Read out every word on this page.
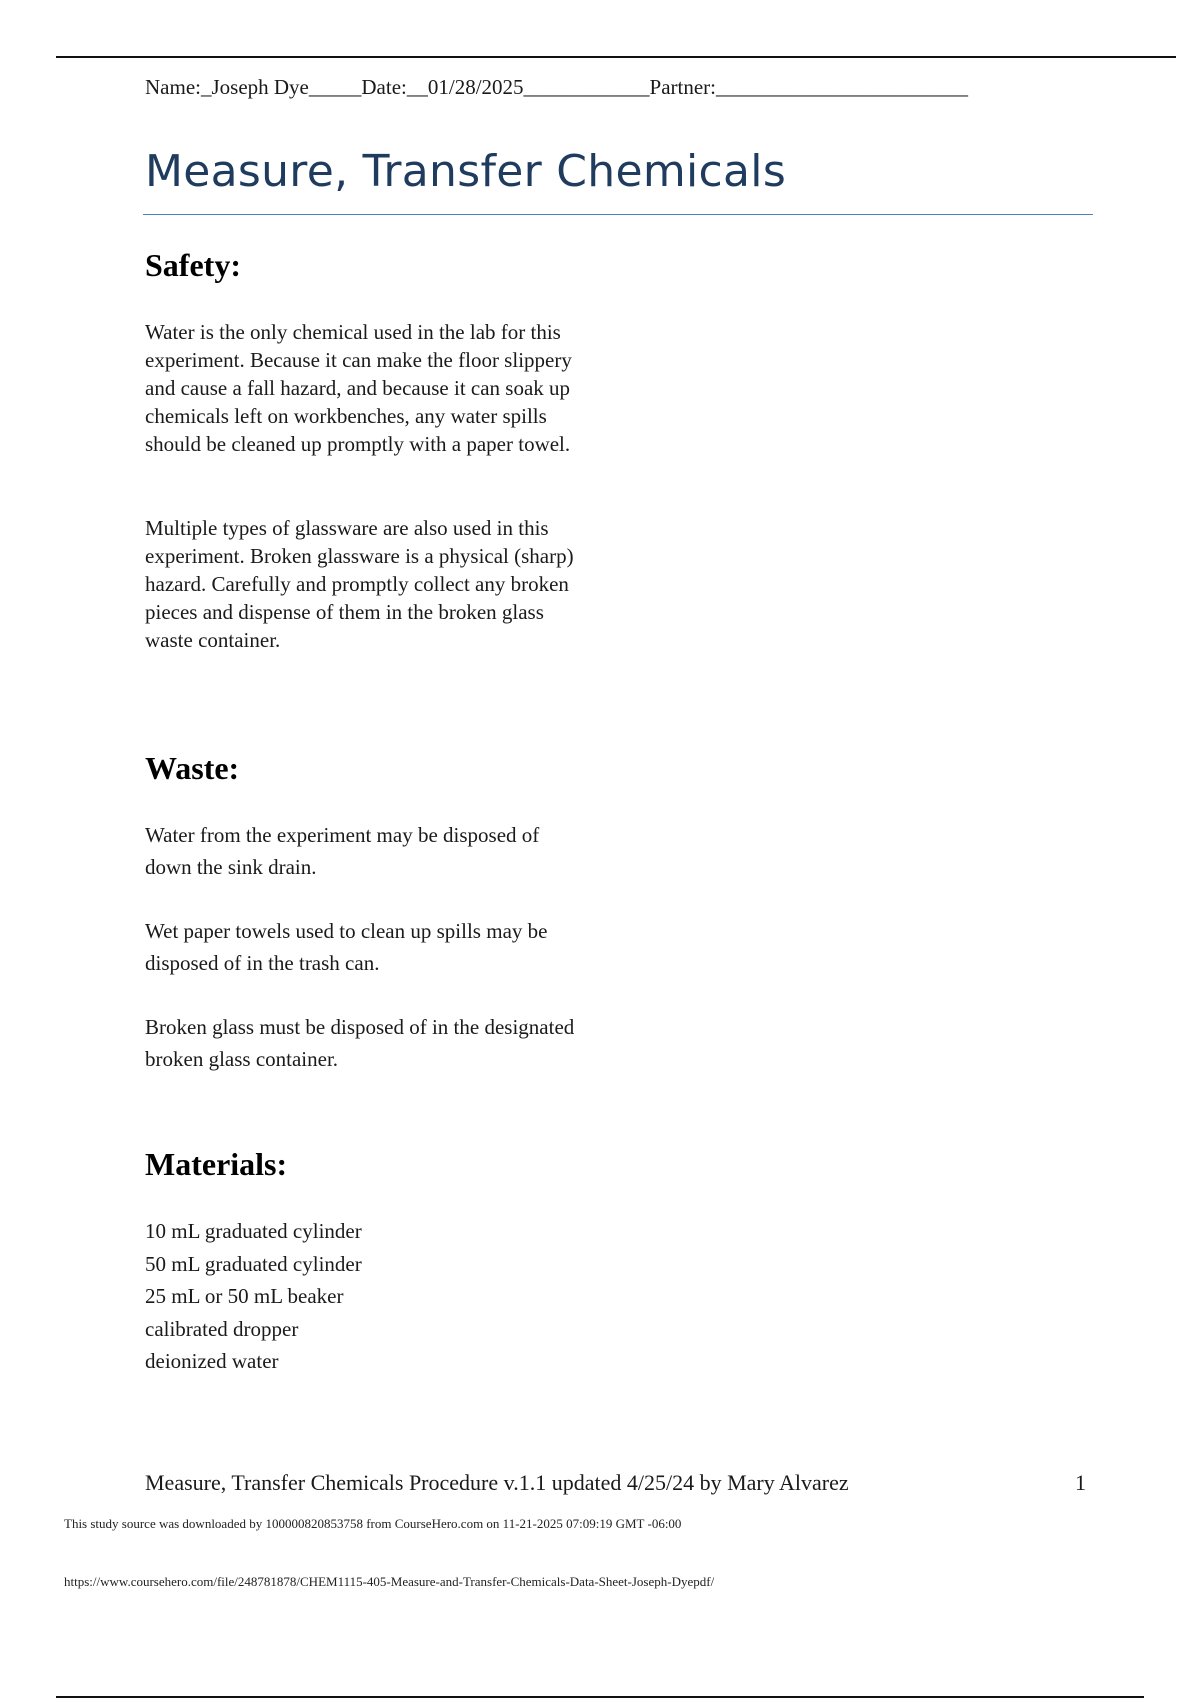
Name:_Joseph Dye_____Date:__01/28/2025____________Partner:________________________
Measure, Transfer Chemicals
Safety:

Water is the only chemical used in the lab for this experiment. Because it can make the floor slippery and cause a fall hazard, and because it can soak up chemicals left on workbenches, any water spills should be cleaned up promptly with a paper towel.

Multiple types of glassware are also used in this experiment. Broken glassware is a physical (sharp) hazard. Carefully and promptly collect any broken pieces and dispense of them in the broken glass waste container.

Waste:

Water from the experiment may be disposed of down the sink drain.

Wet paper towels used to clean up spills may be disposed of in the trash can.

Broken glass must be disposed of in the designated broken glass container.

Materials:
10 mL graduated cylinder
50 mL graduated cylinder
25 mL or 50 mL beaker
calibrated dropper
deionized water
Measure, Transfer Chemicals Procedure v.1.1 updated 4/25/24 by Mary Alvarez	1
This study source was downloaded by 100000820853758 from CourseHero.com on 11-21-2025 07:09:19 GMT -06:00
https://www.coursehero.com/file/248781878/CHEM1115-405-Measure-and-Transfer-Chemicals-Data-Sheet-Joseph-Dyepdf/
